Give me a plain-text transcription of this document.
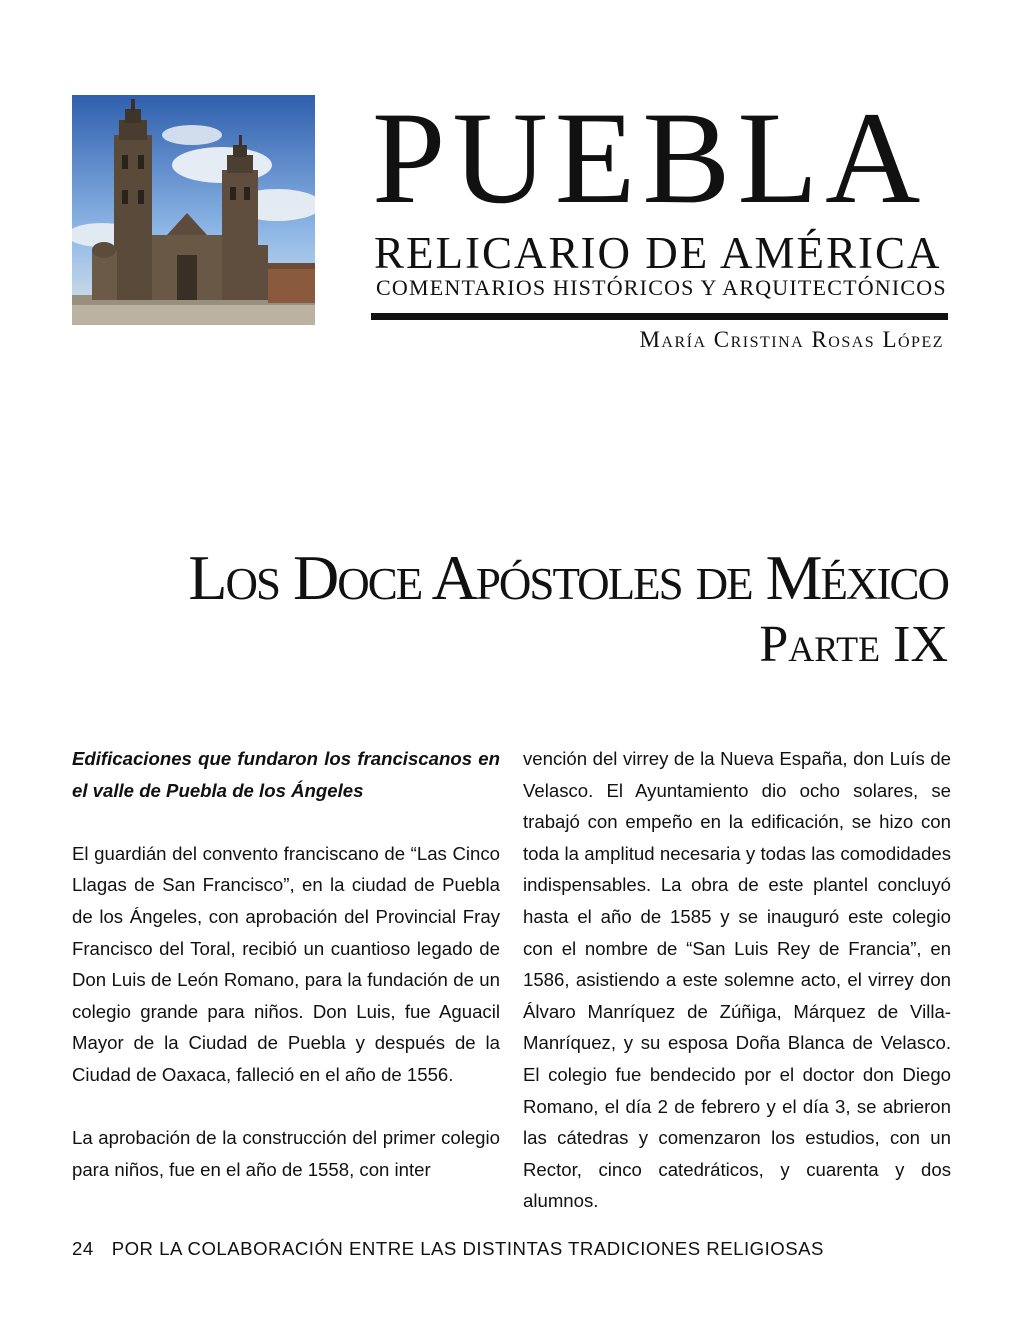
PUEBLA
RELICARIO DE AMÉRICA
COMENTARIOS HISTÓRICOS Y ARQUITECTÓNICOS
María Cristina Rosas López
Los Doce Apóstoles de México
Parte IX

Edificaciones que fundaron los franciscanos en el valle de Puebla de los Ángeles

El guardián del convento franciscano de “Las Cinco Llagas de San Francisco”, en la ciudad de Puebla de los Ángeles, con aprobación del Provincial Fray Francisco del Toral, recibió un cuantioso legado de Don Luis de León Romano, para la fundación de un colegio grande para niños. Don Luis, fue Aguacil Mayor de la Ciudad de Puebla y después de la Ciudad de Oaxaca, falleció en el año de 1556.

La aprobación de la construcción del primer colegio para niños, fue en el año de 1558, con inter

vención del virrey de la Nueva España, don Luís de Velasco. El Ayuntamiento dio ocho solares, se trabajó con empeño en la edificación, se hizo con toda la amplitud necesaria y todas las comodidades indispensables. La obra de este plantel concluyó hasta el año de 1585 y se inauguró este colegio con el nombre de “San Luis Rey de Francia”, en 1586, asistiendo a este solemne acto, el virrey don Álvaro Manríquez de Zúñiga, Márquez de Villa-Manríquez, y su esposa Doña Blanca de Velasco. El colegio fue bendecido por el doctor don Diego Romano, el día 2 de febrero y el día 3, se abrieron las cátedras y comenzaron los estudios, con un Rector, cinco catedráticos, y cuarenta y dos alumnos.

24 POR LA COLABORACIÓN ENTRE LAS DISTINTAS TRADICIONES RELIGIOSAS
